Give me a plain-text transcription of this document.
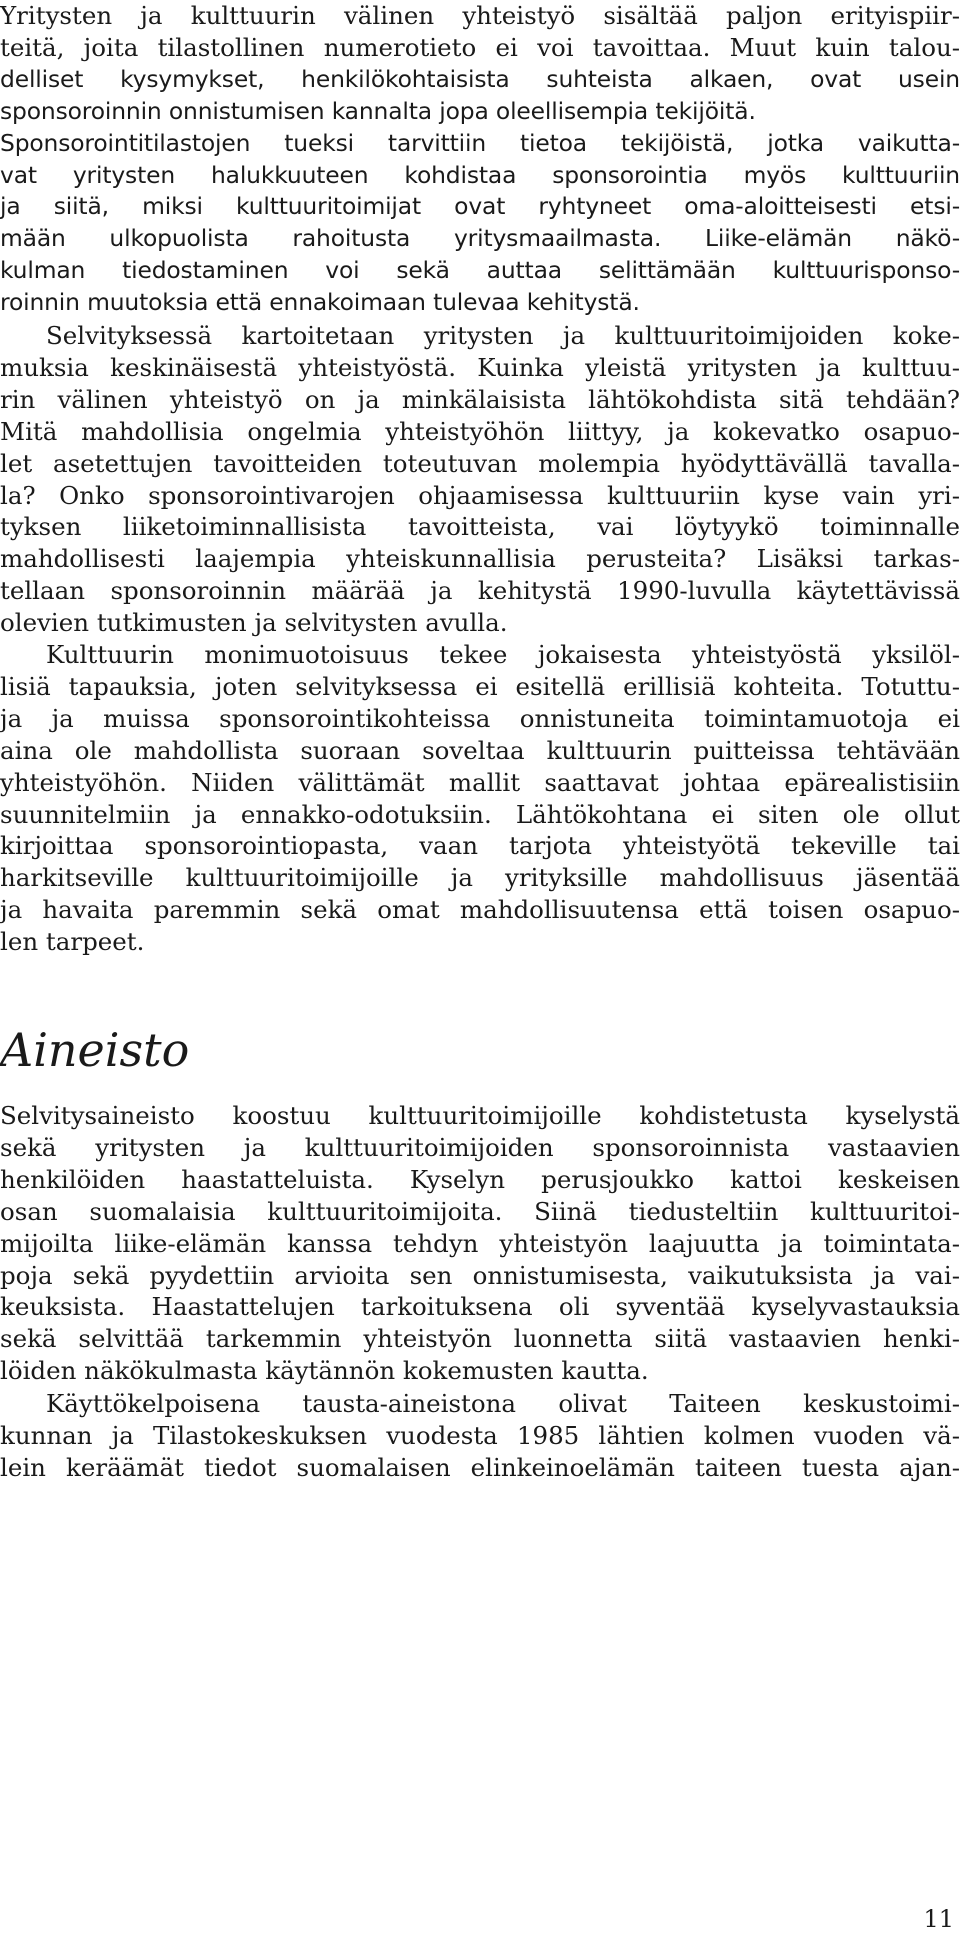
Yritysten ja kulttuurin välinen yhteistyö sisältää paljon erityispiir-
teitä, joita tilastollinen numerotieto ei voi tavoittaa. Muut kuin talou-
delliset kysymykset, henkilökohtaisista suhteista alkaen, ovat usein
sponsoroinnin onnistumisen kannalta jopa oleellisempia tekijöitä.
Sponsorointitilastojen tueksi tarvittiin tietoa tekijöistä, jotka vaikutta-
vat yritysten halukkuuteen kohdistaa sponsorointia myös kulttuuriin
ja siitä, miksi kulttuuritoimijat ovat ryhtyneet oma-aloitteisesti etsi-
mään ulkopuolista rahoitusta yritysmaailmasta. Liike-elämän näkö-
kulman tiedostaminen voi sekä auttaa selittämään kulttuurisponso-
roinnin muutoksia että ennakoimaan tulevaa kehitystä.
Selvityksessä kartoitetaan yritysten ja kulttuuritoimijoiden koke-
muksia keskinäisestä yhteistyöstä. Kuinka yleistä yritysten ja kulttuu-
rin välinen yhteistyö on ja minkälaisista lähtökohdista sitä tehdään?
Mitä mahdollisia ongelmia yhteistyöhön liittyy, ja kokevatko osapuo-
let asetettujen tavoitteiden toteutuvan molempia hyödyttävällä tavalla-
la? Onko sponsorointivarojen ohjaamisessa kulttuuriin kyse vain yri-
tyksen liiketoiminnallisista tavoitteista, vai löytyykö toiminnalle
mahdollisesti laajempia yhteiskunnallisia perusteita? Lisäksi tarkas-
tellaan sponsoroinnin määrää ja kehitystä 1990-luvulla käytettävissä
olevien tutkimusten ja selvitysten avulla.
Kulttuurin monimuotoisuus tekee jokaisesta yhteistyöstä yksilöl-
lisiä tapauksia, joten selvityksessa ei esitellä erillisiä kohteita. Totuttu-
ja ja muissa sponsorointikohteissa onnistuneita toimintamuotoja ei
aina ole mahdollista suoraan soveltaa kulttuurin puitteissa tehtävään
yhteistyöhön. Niiden välittämät mallit saattavat johtaa epärealistisiin
suunnitelmiin ja ennakko-odotuksiin. Lähtökohtana ei siten ole ollut
kirjoittaa sponsorointiopasta, vaan tarjota yhteistyötä tekeville tai
harkitseville kulttuuritoimijoille ja yrityksille mahdollisuus jäsentää
ja havaita paremmin sekä omat mahdollisuutensa että toisen osapuo-
len tarpeet.
Aineisto
Selvitysaineisto koostuu kulttuuritoimijoille kohdistetusta kyselystä
sekä yritysten ja kulttuuritoimijoiden sponsoroinnista vastaavien
henkilöiden haastatteluista. Kyselyn perusjoukko kattoi keskeisen
osan suomalaisia kulttuuritoimijoita. Siinä tiedusteltiin kulttuuritoi-
mijoilta liike-elämän kanssa tehdyn yhteistyön laajuutta ja toimintata-
poja sekä pyydettiin arvioita sen onnistumisesta, vaikutuksista ja vai-
keuksista. Haastattelujen tarkoituksena oli syventää kyselyvastauksia
sekä selvittää tarkemmin yhteistyön luonnetta siitä vastaavien henki-
löiden näkökulmasta käytännön kokemusten kautta.
Käyttökelpoisena tausta-aineistona olivat Taiteen keskustoimi-
kunnan ja Tilastokeskuksen vuodesta 1985 lähtien kolmen vuoden vä-
lein keräämät tiedot suomalaisen elinkeinoelämän taiteen tuesta ajan-
11
